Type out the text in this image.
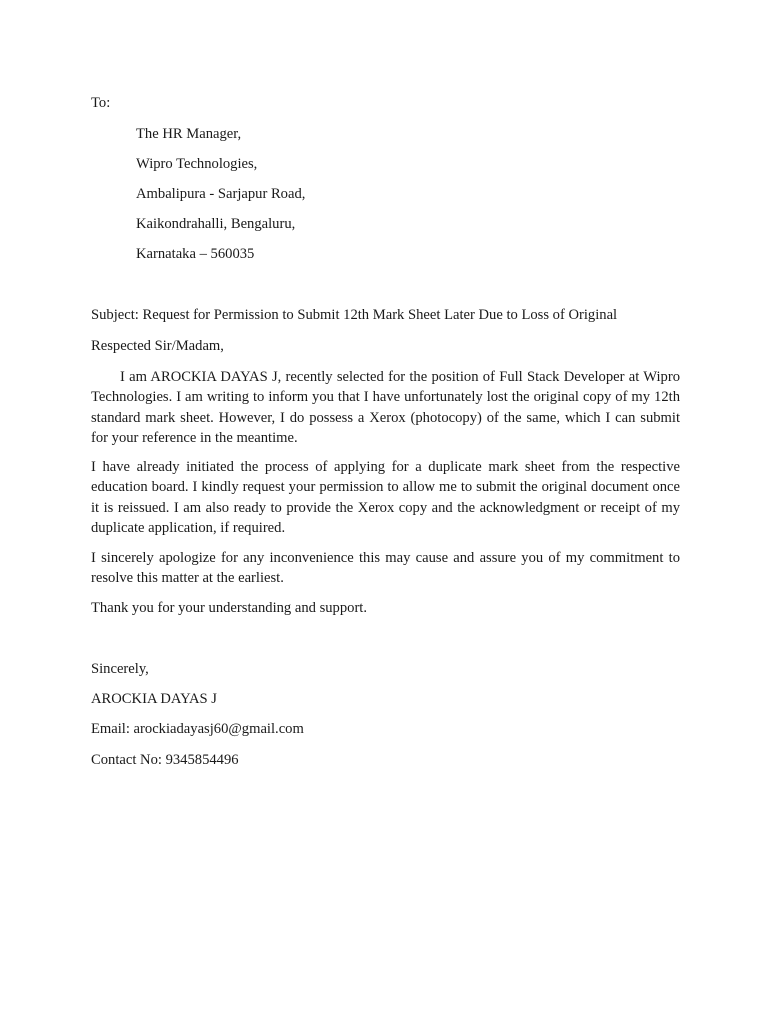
To:
The HR Manager,
Wipro Technologies,
Ambalipura - Sarjapur Road,
Kaikondrahalli, Bengaluru,
Karnataka – 560035
Subject: Request for Permission to Submit 12th Mark Sheet Later Due to Loss of Original
Respected Sir/Madam,

I am AROCKIA DAYAS J, recently selected for the position of Full Stack Developer at Wipro Technologies. I am writing to inform you that I have unfortunately lost the original copy of my 12th standard mark sheet. However, I do possess a Xerox (photocopy) of the same, which I can submit for your reference in the meantime.

I have already initiated the process of applying for a duplicate mark sheet from the respective education board. I kindly request your permission to allow me to submit the original document once it is reissued. I am also ready to provide the Xerox copy and the acknowledgment or receipt of my duplicate application, if required.

I sincerely apologize for any inconvenience this may cause and assure you of my commitment to resolve this matter at the earliest.

Thank you for your understanding and support.

Sincerely,
AROCKIA DAYAS J
Email: arockiadayasj60@gmail.com
Contact No: 9345854496
